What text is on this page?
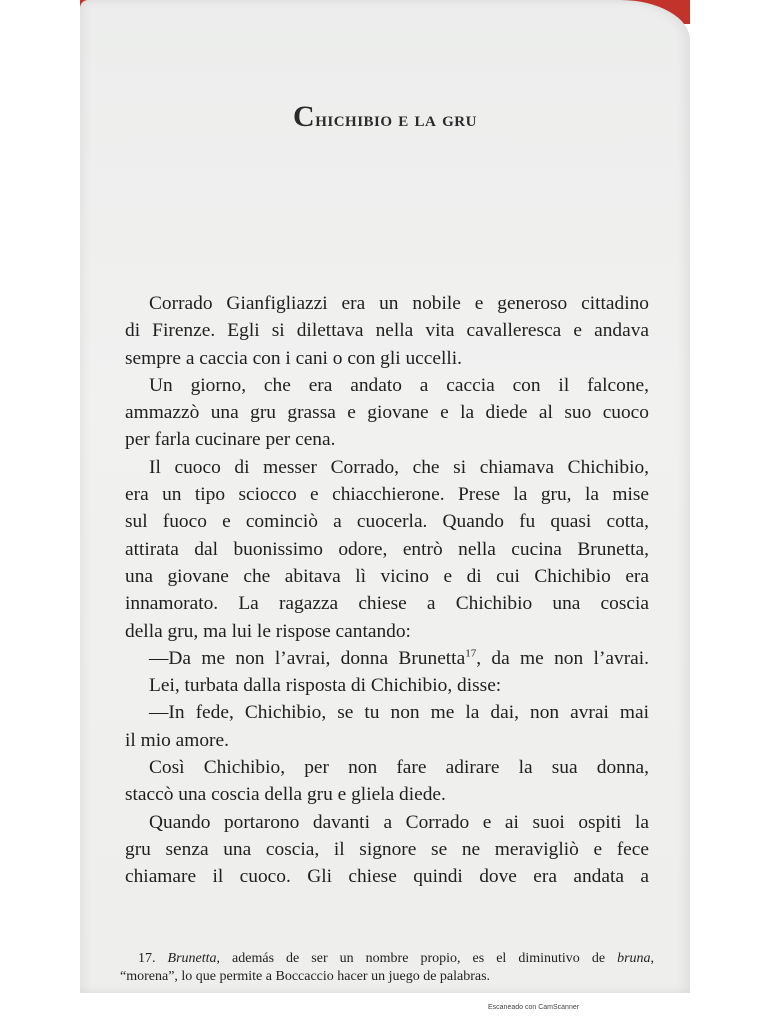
Chichibio e la gru
Corrado Gianfigliazzi era un nobile e generoso cittadino
di Firenze. Egli si dilettava nella vita cavalleresca e andava
sempre a caccia con i cani o con gli uccelli.
Un giorno, che era andato a caccia con il falcone,
ammazzò una gru grassa e giovane e la diede al suo cuoco
per farla cucinare per cena.
Il cuoco di messer Corrado, che si chiamava Chichibio,
era un tipo sciocco e chiacchierone. Prese la gru, la mise
sul fuoco e cominciò a cuocerla. Quando fu quasi cotta,
attirata dal buonissimo odore, entrò nella cucina Brunetta,
una giovane che abitava lì vicino e di cui Chichibio era
innamorato. La ragazza chiese a Chichibio una coscia
della gru, ma lui le rispose cantando:
—Da me non l’avrai, donna Brunetta$^{17}$, da me non l’avrai.
Lei, turbata dalla risposta di Chichibio, disse:
—In fede, Chichibio, se tu non me la dai, non avrai mai
il mio amore.
Così Chichibio, per non fare adirare la sua donna,
staccò una coscia della gru e gliela diede.
Quando portarono davanti a Corrado e ai suoi ospiti la
gru senza una coscia, il signore se ne meravigliò e fece
chiamare il cuoco. Gli chiese quindi dove era andata a
17. Brunetta, además de ser un nombre propio, es el diminutivo de bruna,
“morena”, lo que permite a Boccaccio hacer un juego de palabras.
Escaneado con CamScanner
